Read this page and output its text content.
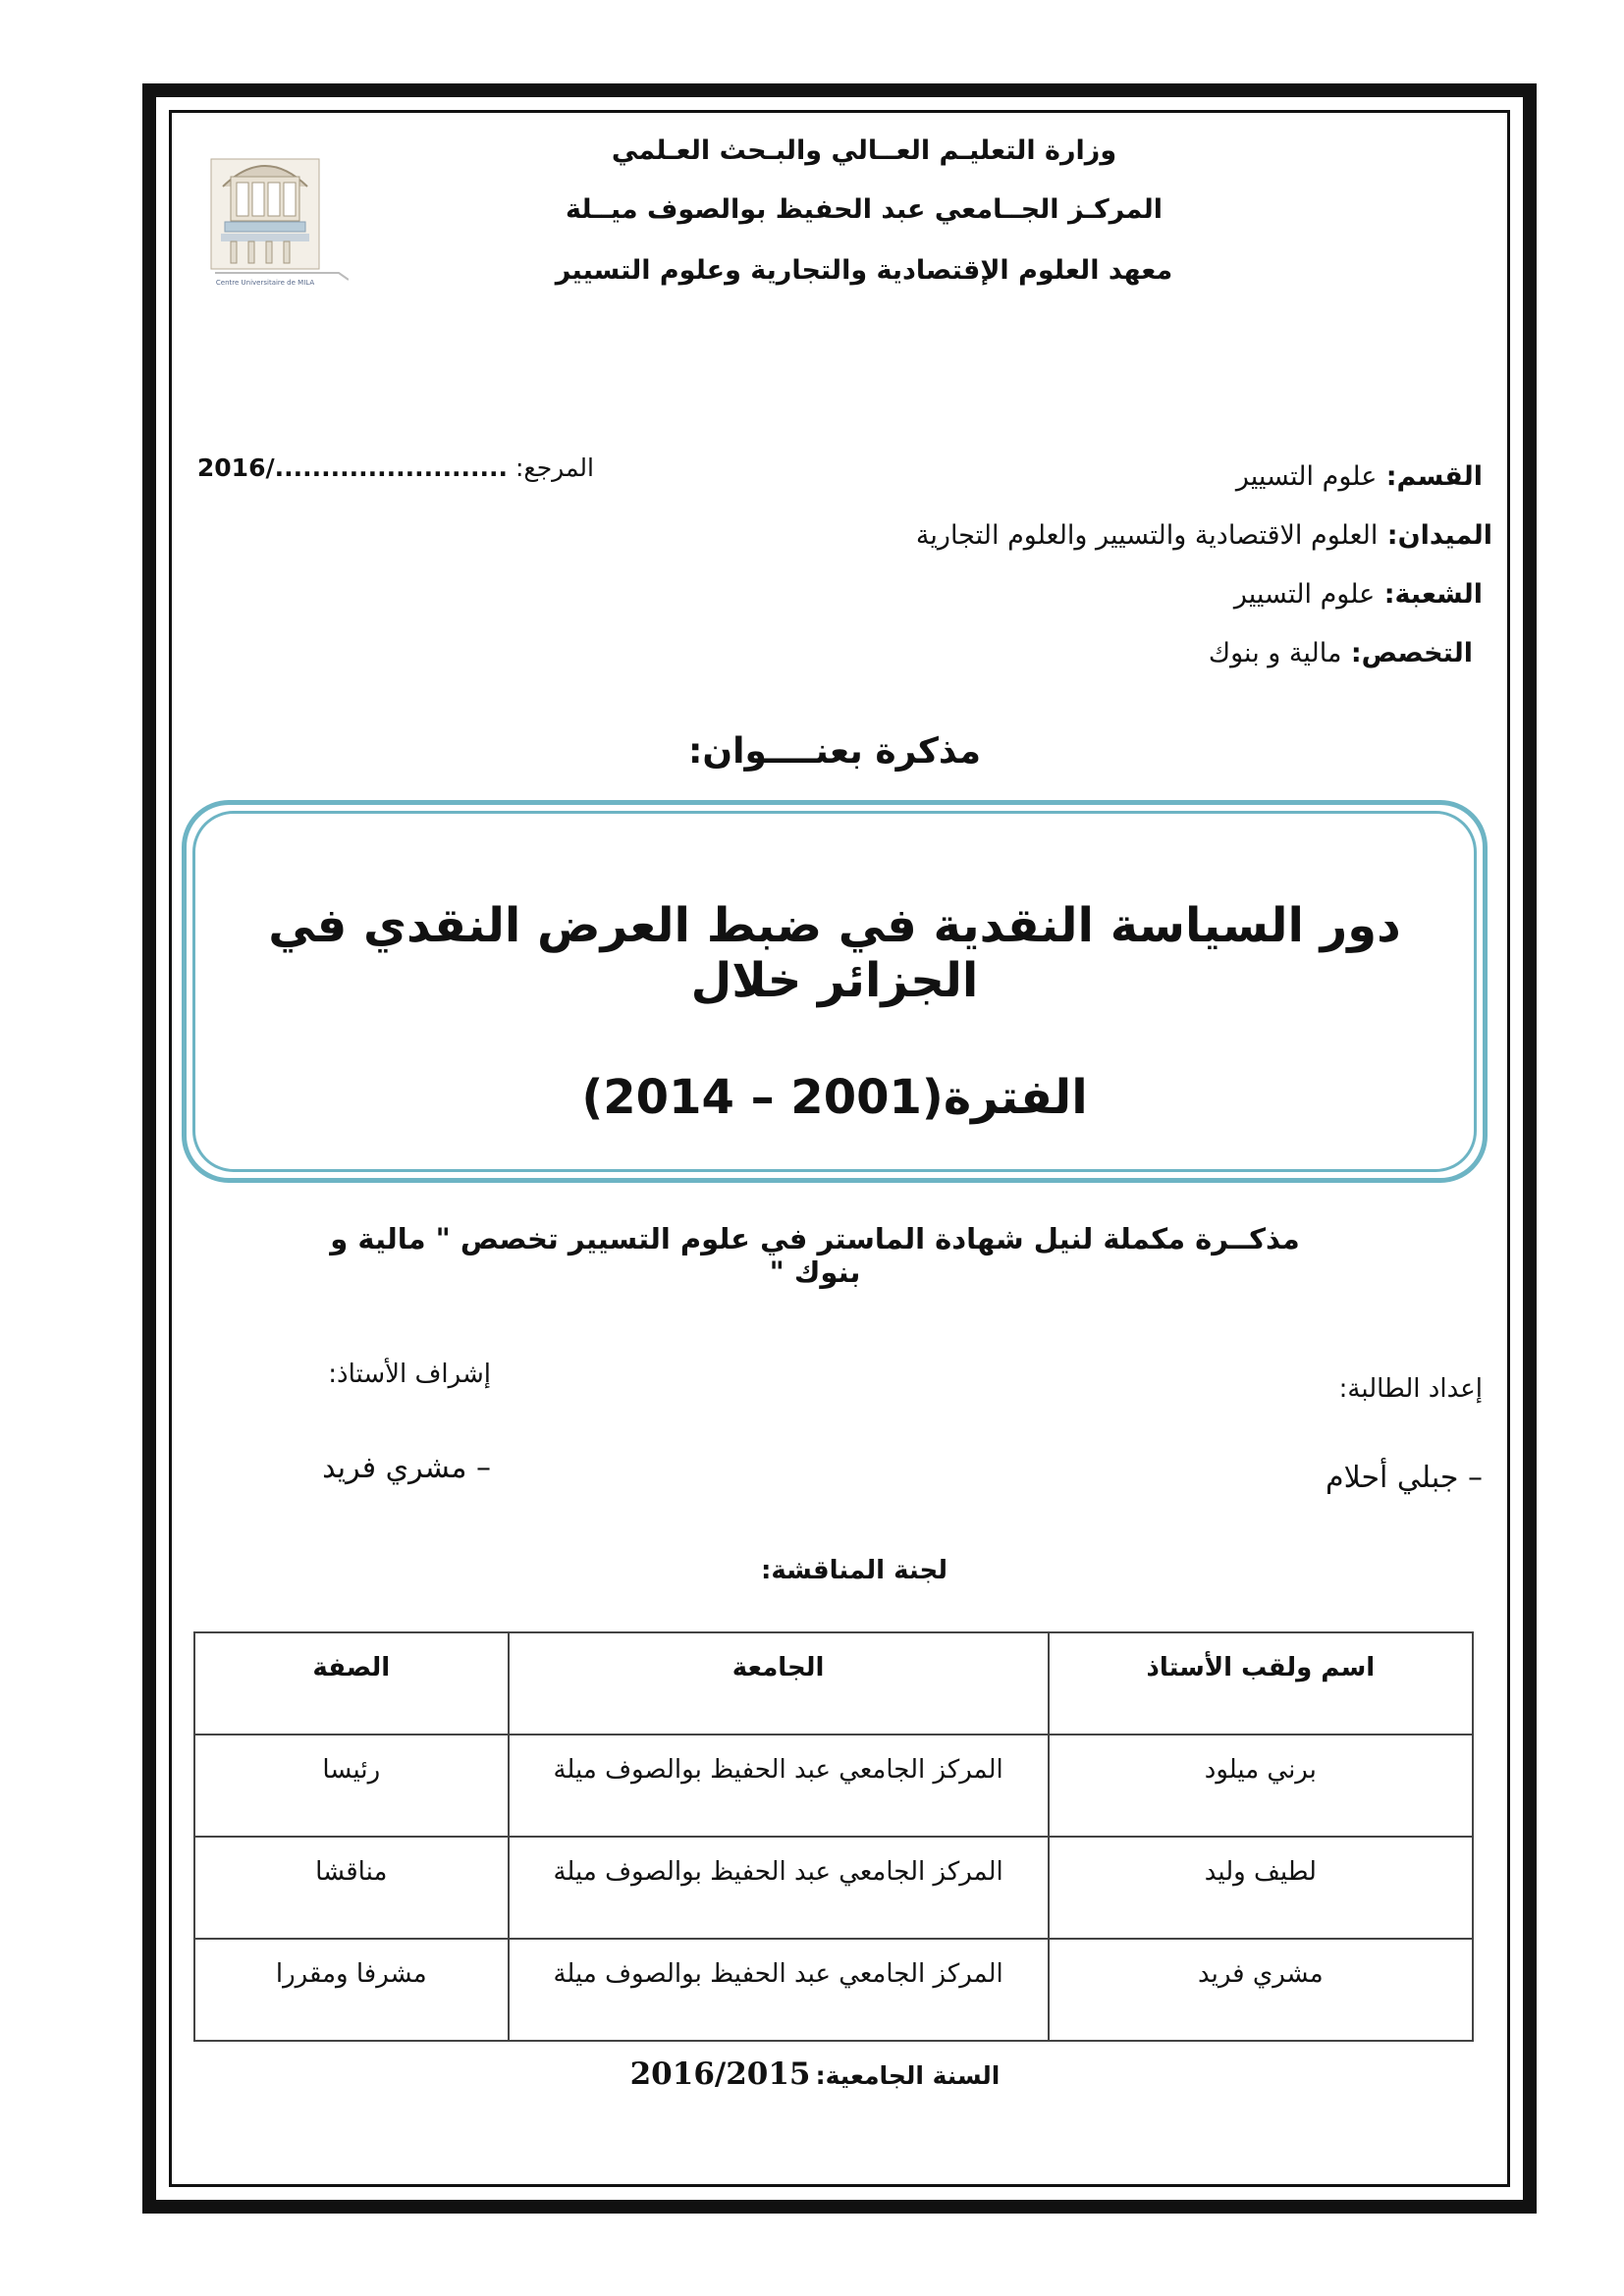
Centre Universitaire de MILA
وزارة التعليـم العــالي والبـحث العـلمي
المركـز الجــامعي عبد الحفيظ بوالصوف ميــلة
معهد العلوم الإقتصادية والتجارية وعلوم التسيير
المرجع: ........................./2016	القسم: علوم التسيير
الميدان: العلوم الاقتصادية والتسيير والعلوم التجارية
الشعبة: علوم التسيير
التخصص: مالية و بنوك
مذكرة بعنــــوان:
دور السياسة النقدية في ضبط العرض النقدي في الجزائر خلال
الفترة(2001 – 2014)
مذكــرة مكملة لنيل شهادة الماستر في علوم التسيير تخصص " مالية و بنوك "
إعداد الطالبة:
– جبلي أحلام
إشراف الأستاذ:
– مشري فريد
لجنة المناقشة:
اسم ولقب الأستاذ	الجامعة	الصفة
برني ميلود	المركز الجامعي عبد الحفيظ بوالصوف ميلة	رئيسا
لطيف وليد	المركز الجامعي عبد الحفيظ بوالصوف ميلة	مناقشا
مشري فريد	المركز الجامعي عبد الحفيظ بوالصوف ميلة	مشرفا ومقررا
السنة الجامعية: 2016/2015
